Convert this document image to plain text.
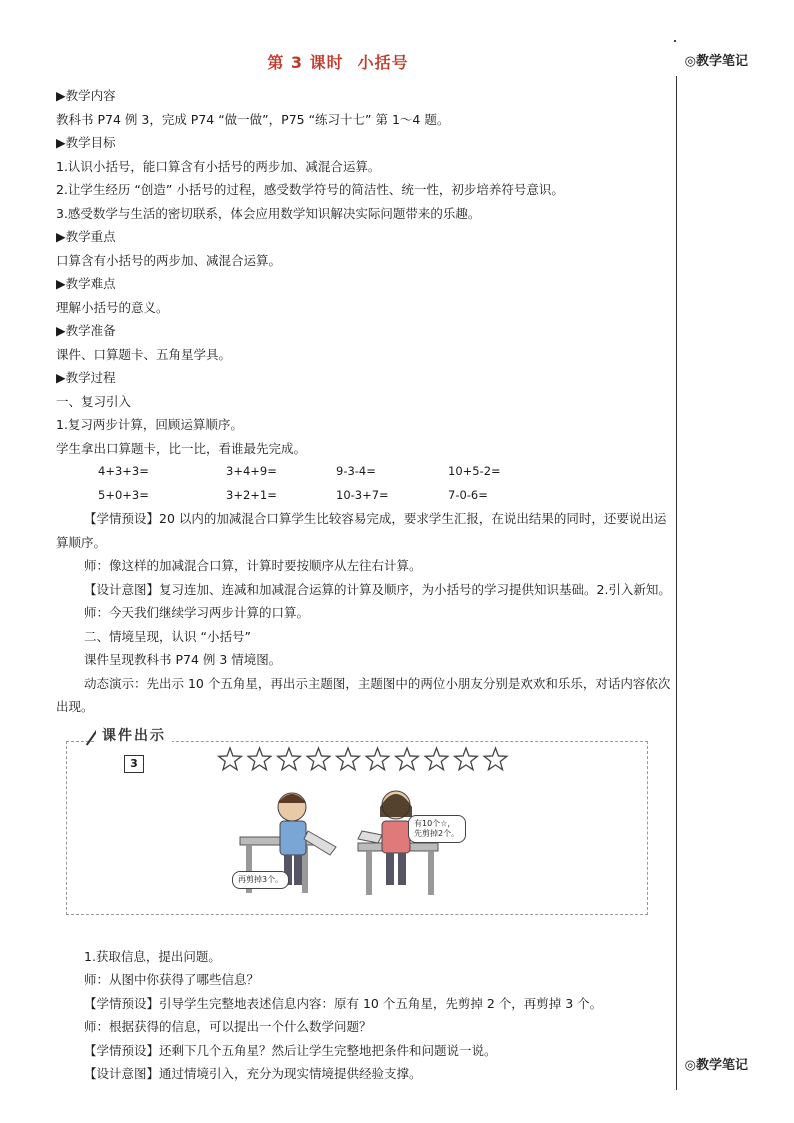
第 3 课时 小括号	◎教学笔记
◎教学笔记
▶教学内容
教科书 P74 例 3，完成 P74 “做一做”，P75 “练习十七” 第 1～4 题。
▶教学目标
1.认识小括号，能口算含有小括号的两步加、减混合运算。
2.让学生经历 “创造” 小括号的过程，感受数学符号的简洁性、统一性，初步培养符号意识。
3.感受数学与生活的密切联系，体会应用数学知识解决实际问题带来的乐趣。
▶教学重点
口算含有小括号的两步加、减混合运算。
▶教学难点
理解小括号的意义。
▶教学准备
课件、口算题卡、五角星学具。
▶教学过程
一、复习引入
1.复习两步计算，回顾运算顺序。
学生拿出口算题卡，比一比，看谁最先完成。
4+3+3=	3+4+9=	9-3-4=	10+5-2=
5+0+3=	3+2+1=	10-3+7=	7-0-6=
【学情预设】20 以内的加减混合口算学生比较容易完成，要求学生汇报，在说出结果的同时，还要说出运算顺序。
师：像这样的加减混合口算，计算时要按顺序从左往右计算。
【设计意图】复习连加、连减和加减混合运算的计算及顺序，为小括号的学习提供知识基础。2.引入新知。
师：今天我们继续学习两步计算的口算。
二、情境呈现，认识 “小括号”
课件呈现教科书 P74 例 3 情境图。
动态演示：先出示 10 个五角星，再出示主题图，主题图中的两位小朋友分别是欢欢和乐乐，对话内容依次出现。
课件出示
3
再剪掉3个。
有10个☆，先剪掉2个。
1.获取信息，提出问题。
师：从图中你获得了哪些信息？
【学情预设】引导学生完整地表述信息内容：原有 10 个五角星，先剪掉 2 个，再剪掉 3 个。
师：根据获得的信息，可以提出一个什么数学问题？
【学情预设】还剩下几个五角星？然后让学生完整地把条件和问题说一说。
【设计意图】通过情境引入，充分为现实情境提供经验支撑。
